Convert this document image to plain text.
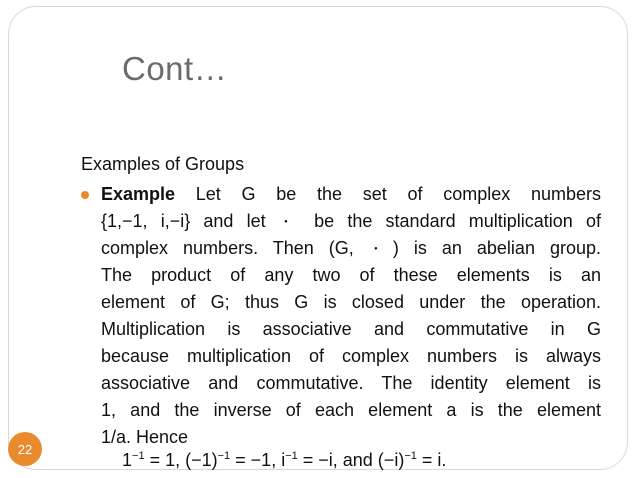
Cont…
Examples of Groups
Example Let G be the set of complex numbers
{1,−1, i,−i} and let ・ be the standard multiplication of
complex numbers. Then (G, ・) is an abelian group.
The product of any two of these elements is an
element of G; thus G is closed under the operation.
Multiplication is associative and commutative in G
because multiplication of complex numbers is always
associative and commutative. The identity element is
1, and the inverse of each element a is the element
1/a. Hence
$1^{-1} = 1$, $(-1)^{-1} = -1$, $i^{-1} = -i$, and $(-i)^{-1} = i$.
22
